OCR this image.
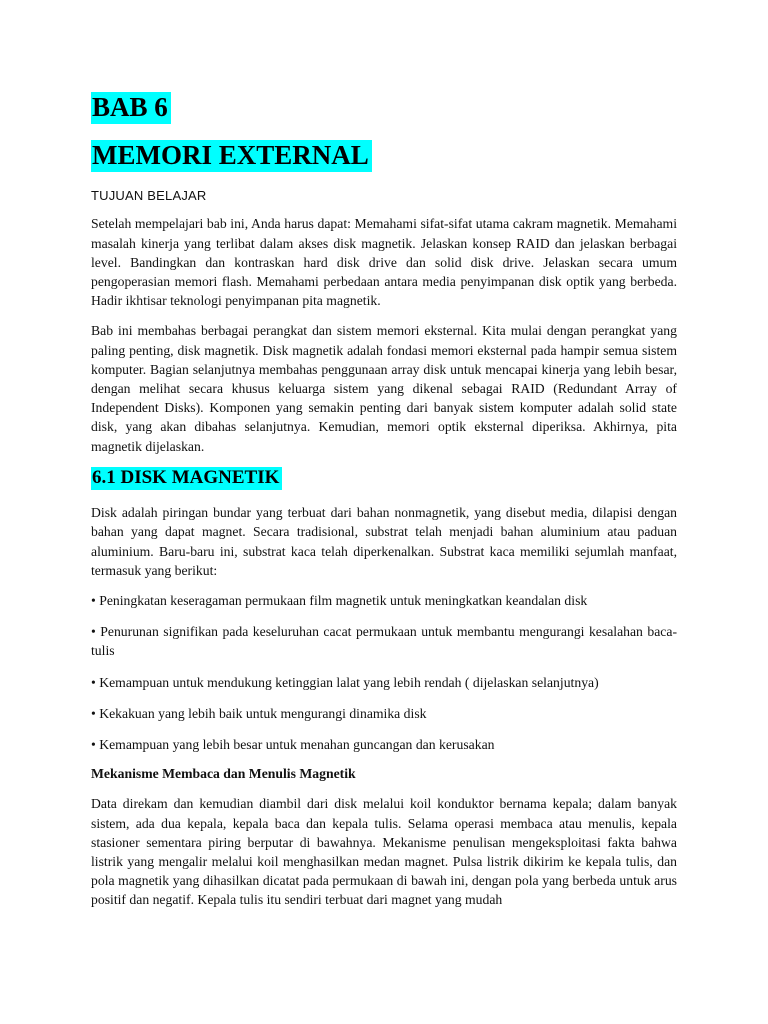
BAB 6
MEMORI EXTERNAL
TUJUAN BELAJAR

Setelah mempelajari bab ini, Anda harus dapat: Memahami sifat-sifat utama cakram magnetik. Memahami masalah kinerja yang terlibat dalam akses disk magnetik. Jelaskan konsep RAID dan jelaskan berbagai level. Bandingkan dan kontraskan hard disk drive dan solid disk drive. Jelaskan secara umum pengoperasian memori flash. Memahami perbedaan antara media penyimpanan disk optik yang berbeda. Hadir ikhtisar teknologi penyimpanan pita magnetik.

Bab ini membahas berbagai perangkat dan sistem memori eksternal. Kita mulai dengan perangkat yang paling penting, disk magnetik. Disk magnetik adalah fondasi memori eksternal pada hampir semua sistem komputer. Bagian selanjutnya membahas penggunaan array disk untuk mencapai kinerja yang lebih besar, dengan melihat secara khusus keluarga sistem yang dikenal sebagai RAID (Redundant Array of Independent Disks). Komponen yang semakin penting dari banyak sistem komputer adalah solid state disk, yang akan dibahas selanjutnya. Kemudian, memori optik eksternal diperiksa. Akhirnya, pita magnetik dijelaskan.

6.1 DISK MAGNETIK

Disk adalah piringan bundar yang terbuat dari bahan nonmagnetik, yang disebut media, dilapisi dengan bahan yang dapat magnet. Secara tradisional, substrat telah menjadi bahan aluminium atau paduan aluminium. Baru-baru ini, substrat kaca telah diperkenalkan. Substrat kaca memiliki sejumlah manfaat, termasuk yang berikut:

• Peningkatan keseragaman permukaan film magnetik untuk meningkatkan keandalan disk

• Penurunan signifikan pada keseluruhan cacat permukaan untuk membantu mengurangi kesalahan baca-tulis

• Kemampuan untuk mendukung ketinggian lalat yang lebih rendah ( dijelaskan selanjutnya)

• Kekakuan yang lebih baik untuk mengurangi dinamika disk

• Kemampuan yang lebih besar untuk menahan guncangan dan kerusakan

Mekanisme Membaca dan Menulis Magnetik

Data direkam dan kemudian diambil dari disk melalui koil konduktor bernama kepala; dalam banyak sistem, ada dua kepala, kepala baca dan kepala tulis. Selama operasi membaca atau menulis, kepala stasioner sementara piring berputar di bawahnya. Mekanisme penulisan mengeksploitasi fakta bahwa listrik yang mengalir melalui koil menghasilkan medan magnet. Pulsa listrik dikirim ke kepala tulis, dan pola magnetik yang dihasilkan dicatat pada permukaan di bawah ini, dengan pola yang berbeda untuk arus positif dan negatif. Kepala tulis itu sendiri terbuat dari magnet yang mudah
